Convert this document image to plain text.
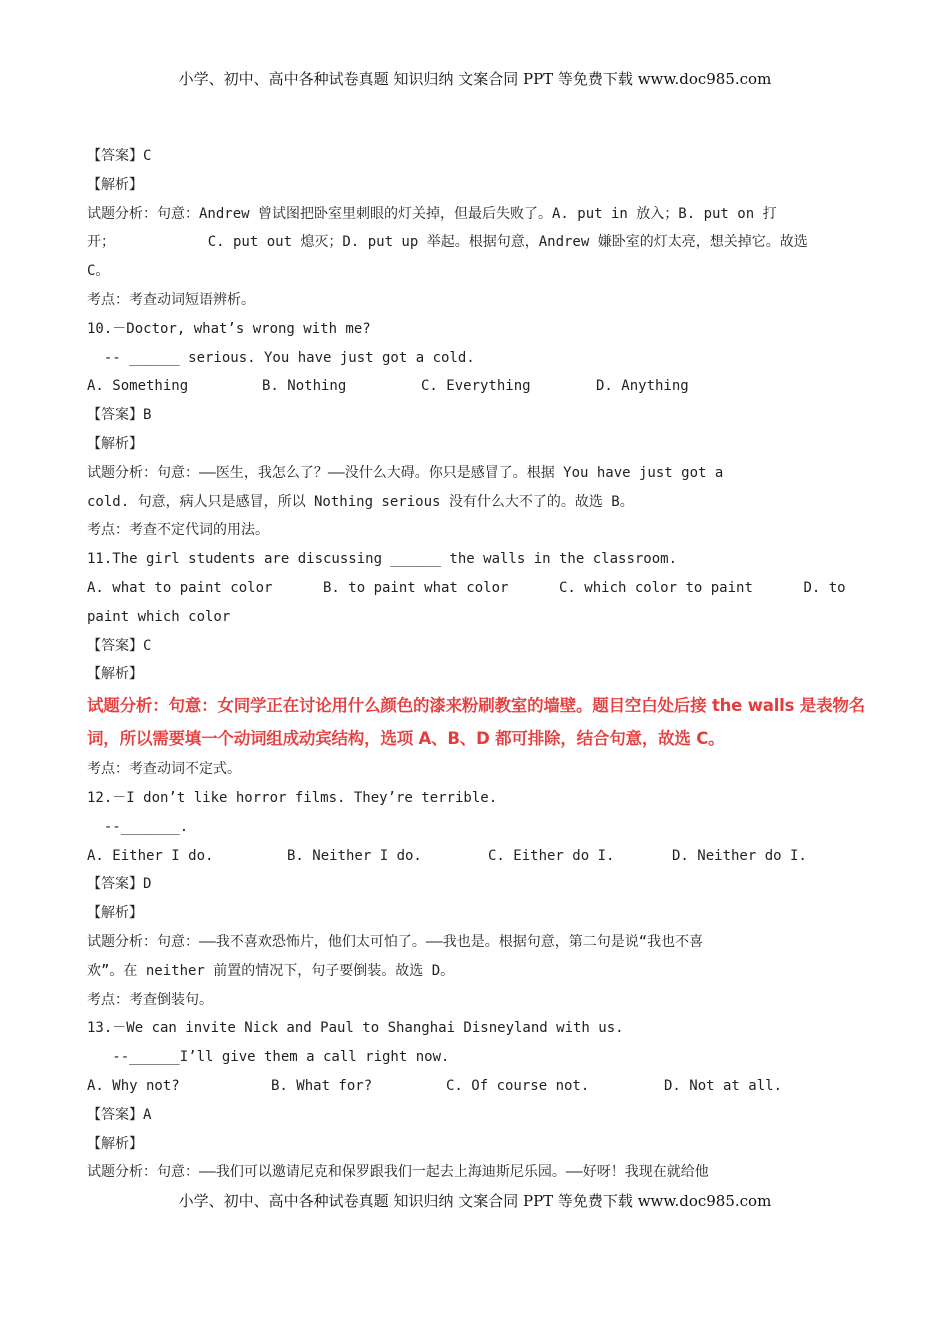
小学、初中、高中各种试卷真题 知识归纳 文案合同 PPT 等免费下载 www.doc985.com
【答案】C
【解析】
试题分析：句意：Andrew 曾试图把卧室里刺眼的灯关掉，但最后失败了。A. put in 放入；B. put on 打
开；           C. put out 熄灭；D. put up 举起。根据句意，Andrew 嫌卧室的灯太亮，想关掉它。故选
C。
考点：考查动词短语辨析。
10.－Doctor, what’s wrong with me?
-- ______ serious. You have just got a cold.
A. Something	B. Nothing	C. Everything	D. Anything
【答案】B
【解析】
试题分析：句意：——医生，我怎么了？——没什么大碍。你只是感冒了。根据 You have just got a
cold. 句意，病人只是感冒，所以 Nothing serious 没有什么大不了的。故选 B。
考点：考查不定代词的用法。
11.The girl students are discussing ______ the walls in the classroom.
A. what to paint color      B. to paint what color      C. which color to paint      D. to
paint which color
【答案】C
【解析】
试题分析：句意：女同学正在讨论用什么颜色的漆来粉刷教室的墙壁。题目空白处后接 the walls 是表物名
词，所以需要填一个动词组成动宾结构，选项 A、B、D 都可排除，结合句意，故选 C。
考点：考查动词不定式。
12.－I don’t like horror films. They’re terrible.
--_______.
A. Either I do.	B. Neither I do.	C. Either do I.	D. Neither do I.
【答案】D
【解析】
试题分析：句意：——我不喜欢恐怖片，他们太可怕了。——我也是。根据句意，第二句是说“我也不喜
欢”。在 neither 前置的情况下，句子要倒装。故选 D。
考点：考查倒装句。
13.－We can invite Nick and Paul to Shanghai Disneyland with us.
--______I’ll give them a call right now.
A. Why not?	B. What for?	C. Of course not.	D. Not at all.
【答案】A
【解析】
试题分析：句意：——我们可以邀请尼克和保罗跟我们一起去上海迪斯尼乐园。——好呀！我现在就给他
小学、初中、高中各种试卷真题 知识归纳 文案合同 PPT 等免费下载 www.doc985.com
